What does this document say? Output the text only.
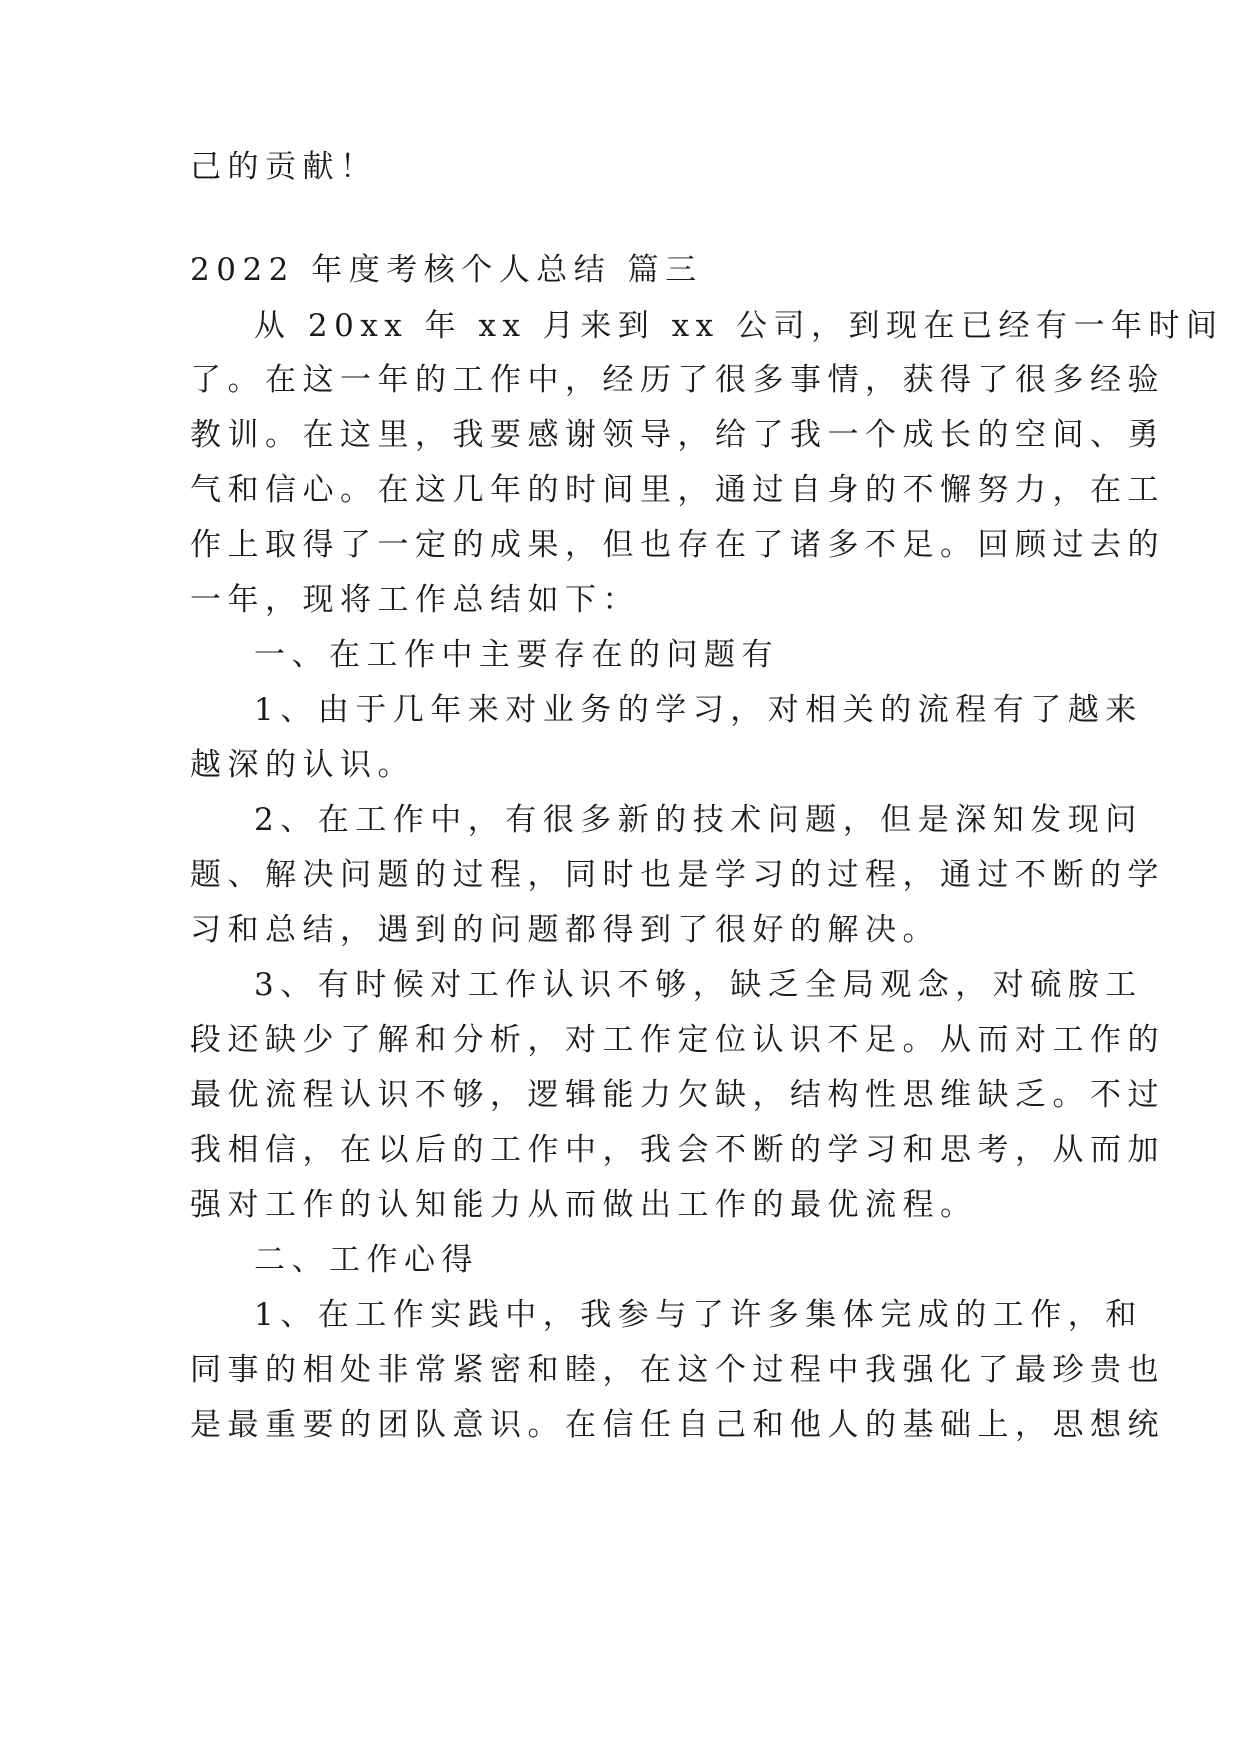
己的贡献！
2022 年度考核个人总结 篇三
从 20xx 年 xx 月来到 xx 公司，到现在已经有一年时间
了。在这一年的工作中，经历了很多事情，获得了很多经验
教训。在这里，我要感谢领导，给了我一个成长的空间、勇
气和信心。在这几年的时间里，通过自身的不懈努力，在工
作上取得了一定的成果，但也存在了诸多不足。回顾过去的
一年，现将工作总结如下：
一、在工作中主要存在的问题有
1、由于几年来对业务的学习，对相关的流程有了越来
越深的认识。
2、在工作中，有很多新的技术问题，但是深知发现问
题、解决问题的过程，同时也是学习的过程，通过不断的学
习和总结，遇到的问题都得到了很好的解决。
3、有时候对工作认识不够，缺乏全局观念，对硫胺工
段还缺少了解和分析，对工作定位认识不足。从而对工作的
最优流程认识不够，逻辑能力欠缺，结构性思维缺乏。不过
我相信，在以后的工作中，我会不断的学习和思考，从而加
强对工作的认知能力从而做出工作的最优流程。
二、工作心得
1、在工作实践中，我参与了许多集体完成的工作，和
同事的相处非常紧密和睦，在这个过程中我强化了最珍贵也
是最重要的团队意识。在信任自己和他人的基础上，思想统
